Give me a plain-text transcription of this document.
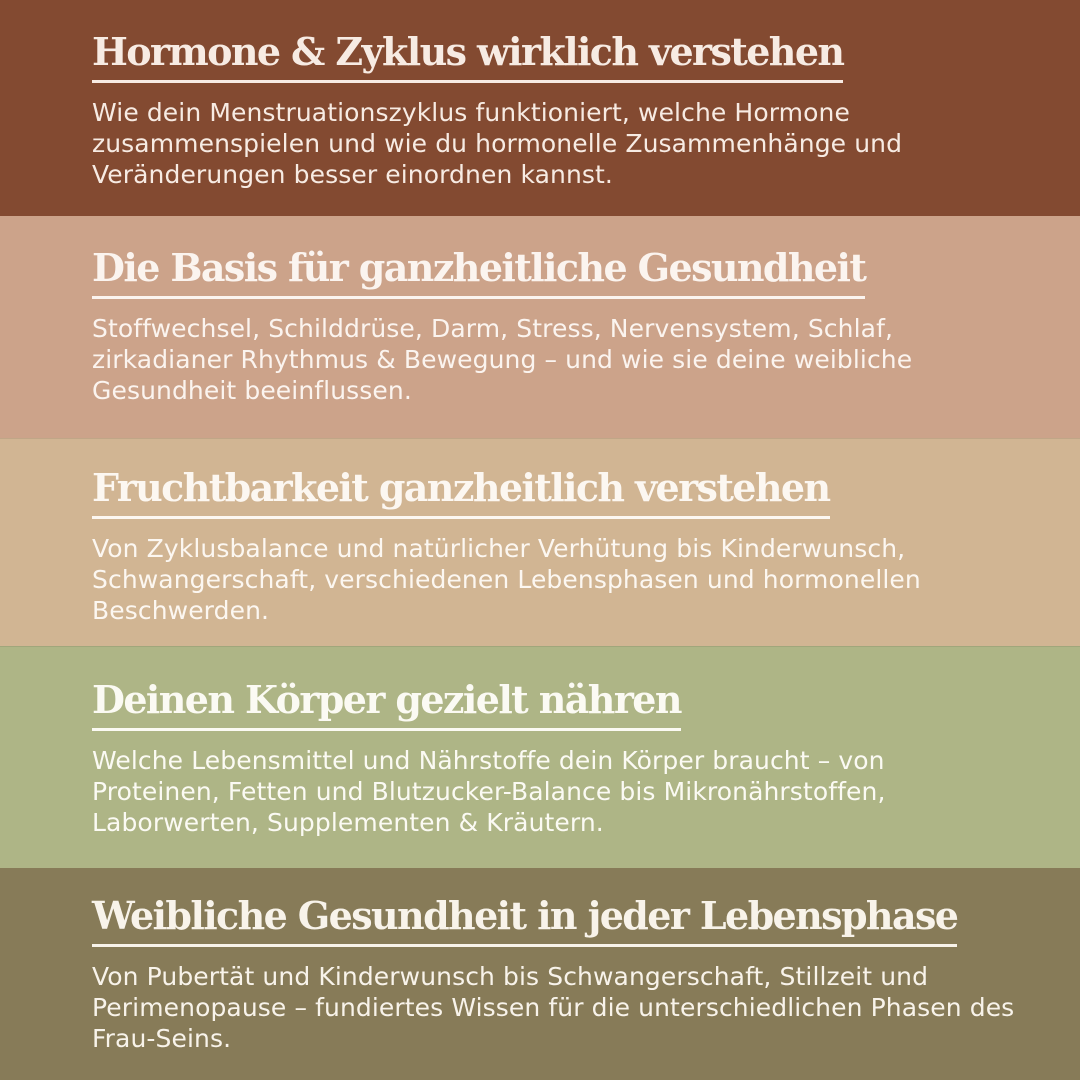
Hormone & Zyklus wirklich verstehen

Wie dein Menstruationszyklus funktioniert, welche Hormone zusammenspielen und wie du hormonelle Zusammenhänge und Veränderungen besser einordnen kannst.

Die Basis für ganzheitliche Gesundheit

Stoffwechsel, Schilddrüse, Darm, Stress, Nervensystem, Schlaf, zirkadianer Rhythmus & Bewegung – und wie sie deine weibliche Gesundheit beeinflussen.

Fruchtbarkeit ganzheitlich verstehen

Von Zyklusbalance und natürlicher Verhütung bis Kinderwunsch, Schwangerschaft, verschiedenen Lebensphasen und hormonellen Beschwerden.

Deinen Körper gezielt nähren

Welche Lebensmittel und Nährstoffe dein Körper braucht – von Proteinen, Fetten und Blutzucker-Balance bis Mikronährstoffen, Laborwerten, Supplementen & Kräutern.

Weibliche Gesundheit in jeder Lebensphase

Von Pubertät und Kinderwunsch bis Schwangerschaft, Stillzeit und Perimenopause – fundiertes Wissen für die unterschiedlichen Phasen des Frau-Seins.
